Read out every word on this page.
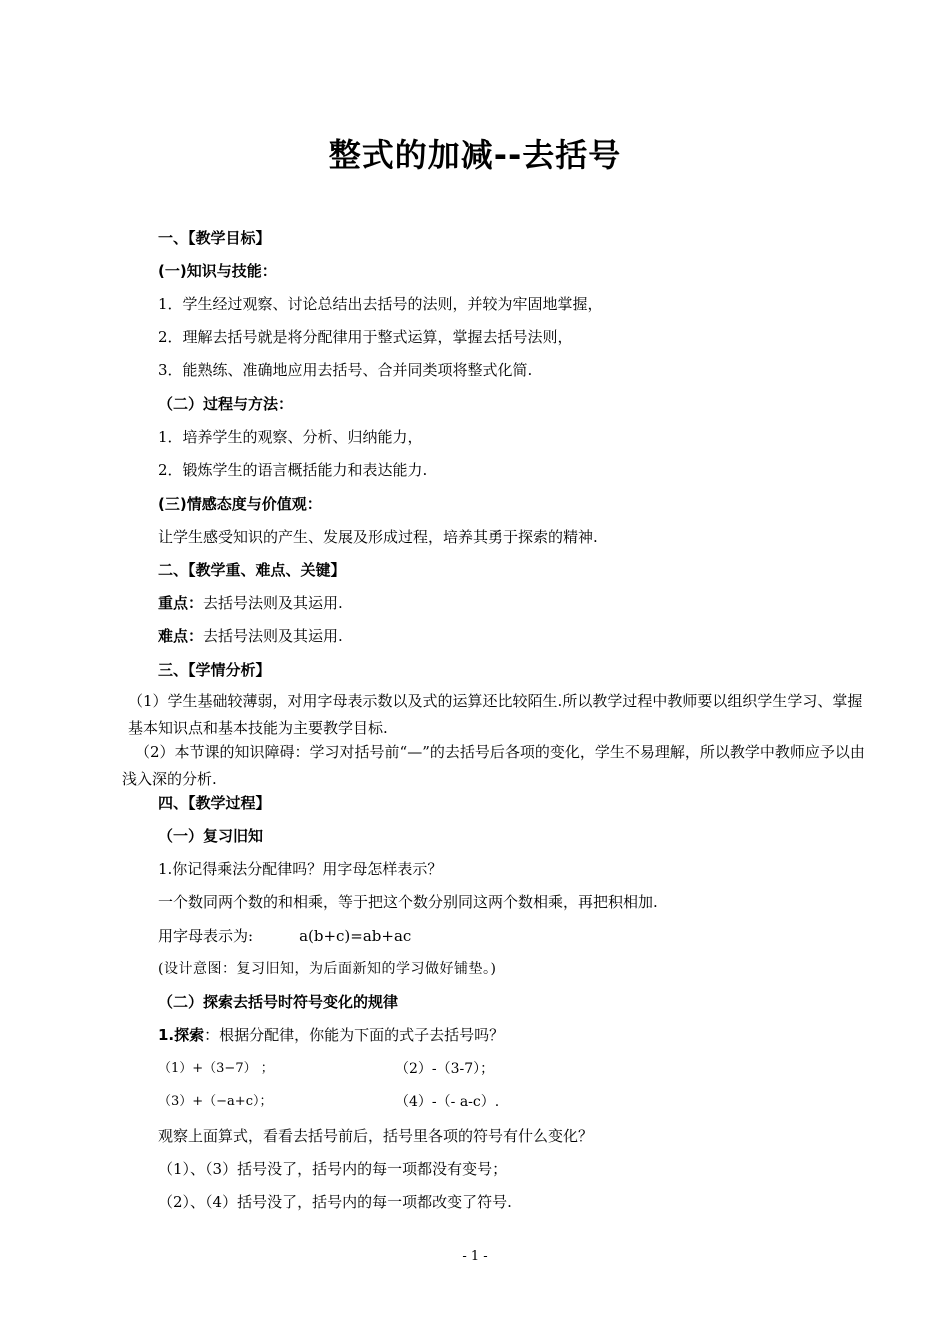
整式的加减--去括号
一、【教学目标】
(一)知识与技能：
1．学生经过观察、讨论总结出去括号的法则，并较为牢固地掌握，
2．理解去括号就是将分配律用于整式运算，掌握去括号法则，
3．能熟练、准确地应用去括号、合并同类项将整式化简.
（二）过程与方法：
1．培养学生的观察、分析、归纳能力，
2．锻炼学生的语言概括能力和表达能力.
(三)情感态度与价值观：
让学生感受知识的产生、发展及形成过程，培养其勇于探索的精神.
二、【教学重、难点、关键】
重点：去括号法则及其运用.
难点：去括号法则及其运用.
三、【学情分析】
（1）学生基础较薄弱，对用字母表示数以及式的运算还比较陌生.所以教学过程中教师要以组织学生学习、掌握基本知识点和基本技能为主要教学目标.
（2）本节课的知识障碍：学习对括号前“—”的去括号后各项的变化，学生不易理解，所以教学中教师应予以由浅入深的分析.
四、【教学过程】
（一）复习旧知
1.你记得乘法分配律吗？用字母怎样表示？
一个数同两个数的和相乘，等于把这个数分别同这两个数相乘，再把积相加.
用字母表示为:	a(b+c)=ab+ac
(设计意图：复习旧知，为后面新知的学习做好铺垫。)
（二）探索去括号时符号变化的规律
1.探索：根据分配律，你能为下面的式子去括号吗？
（1）+（3−7） ；	（2）-（3-7）；
（3）+（−a+c）；	（4）-（- a-c）.
观察上面算式，看看去括号前后，括号里各项的符号有什么变化？
（1）、（3）括号没了，括号内的每一项都没有变号；
（2）、（4）括号没了，括号内的每一项都改变了符号.
- 1 -
